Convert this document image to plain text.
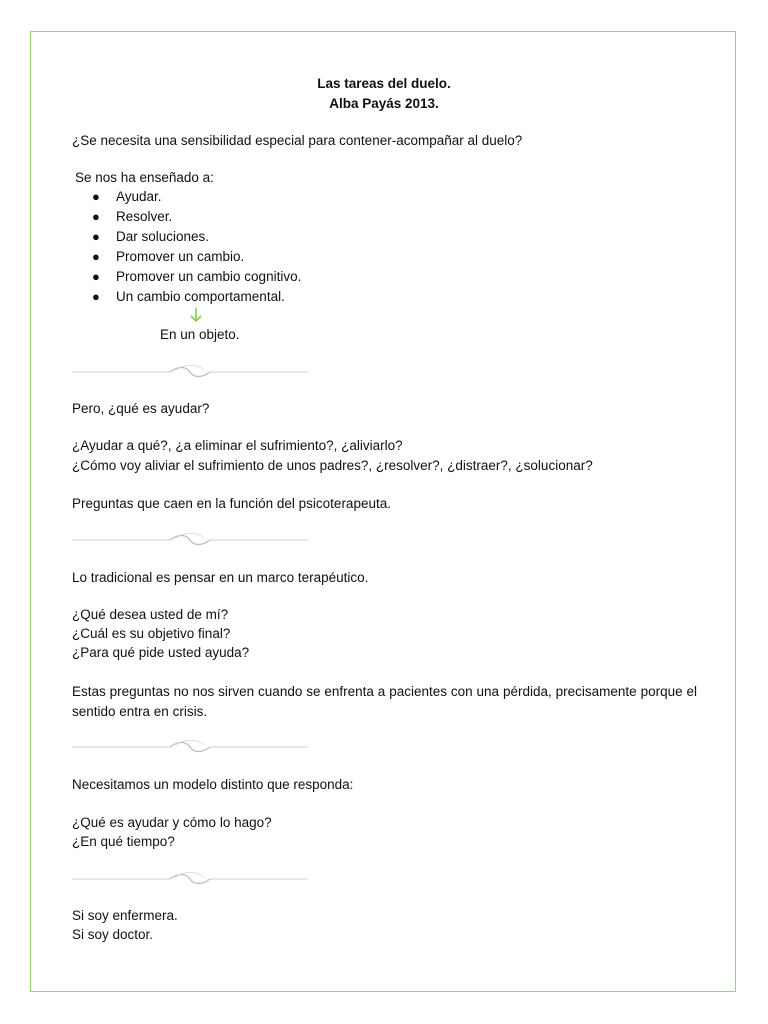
Las tareas del duelo.
Alba Payás 2013.
¿Se necesita una sensibilidad especial para contener-acompañar al duelo?
Se nos ha enseñado a:
● Ayudar.
● Resolver.
● Dar soluciones.
● Promover un cambio.
● Promover un cambio cognitivo.
● Un cambio comportamental.
En un objeto.
Pero, ¿qué es ayudar?
¿Ayudar a qué?, ¿a eliminar el sufrimiento?, ¿aliviarlo?
¿Cómo voy aliviar el sufrimiento de unos padres?, ¿resolver?, ¿distraer?, ¿solucionar?
Preguntas que caen en la función del psicoterapeuta.
Lo tradicional es pensar en un marco terapéutico.
¿Qué desea usted de mí?
¿Cuál es su objetivo final?
¿Para qué pide usted ayuda?
Estas preguntas no nos sirven cuando se enfrenta a pacientes con una pérdida, precisamente porque el sentido entra en crisis.
Necesitamos un modelo distinto que responda:
¿Qué es ayudar y cómo lo hago?
¿En qué tiempo?
Si soy enfermera.
Si soy doctor.
